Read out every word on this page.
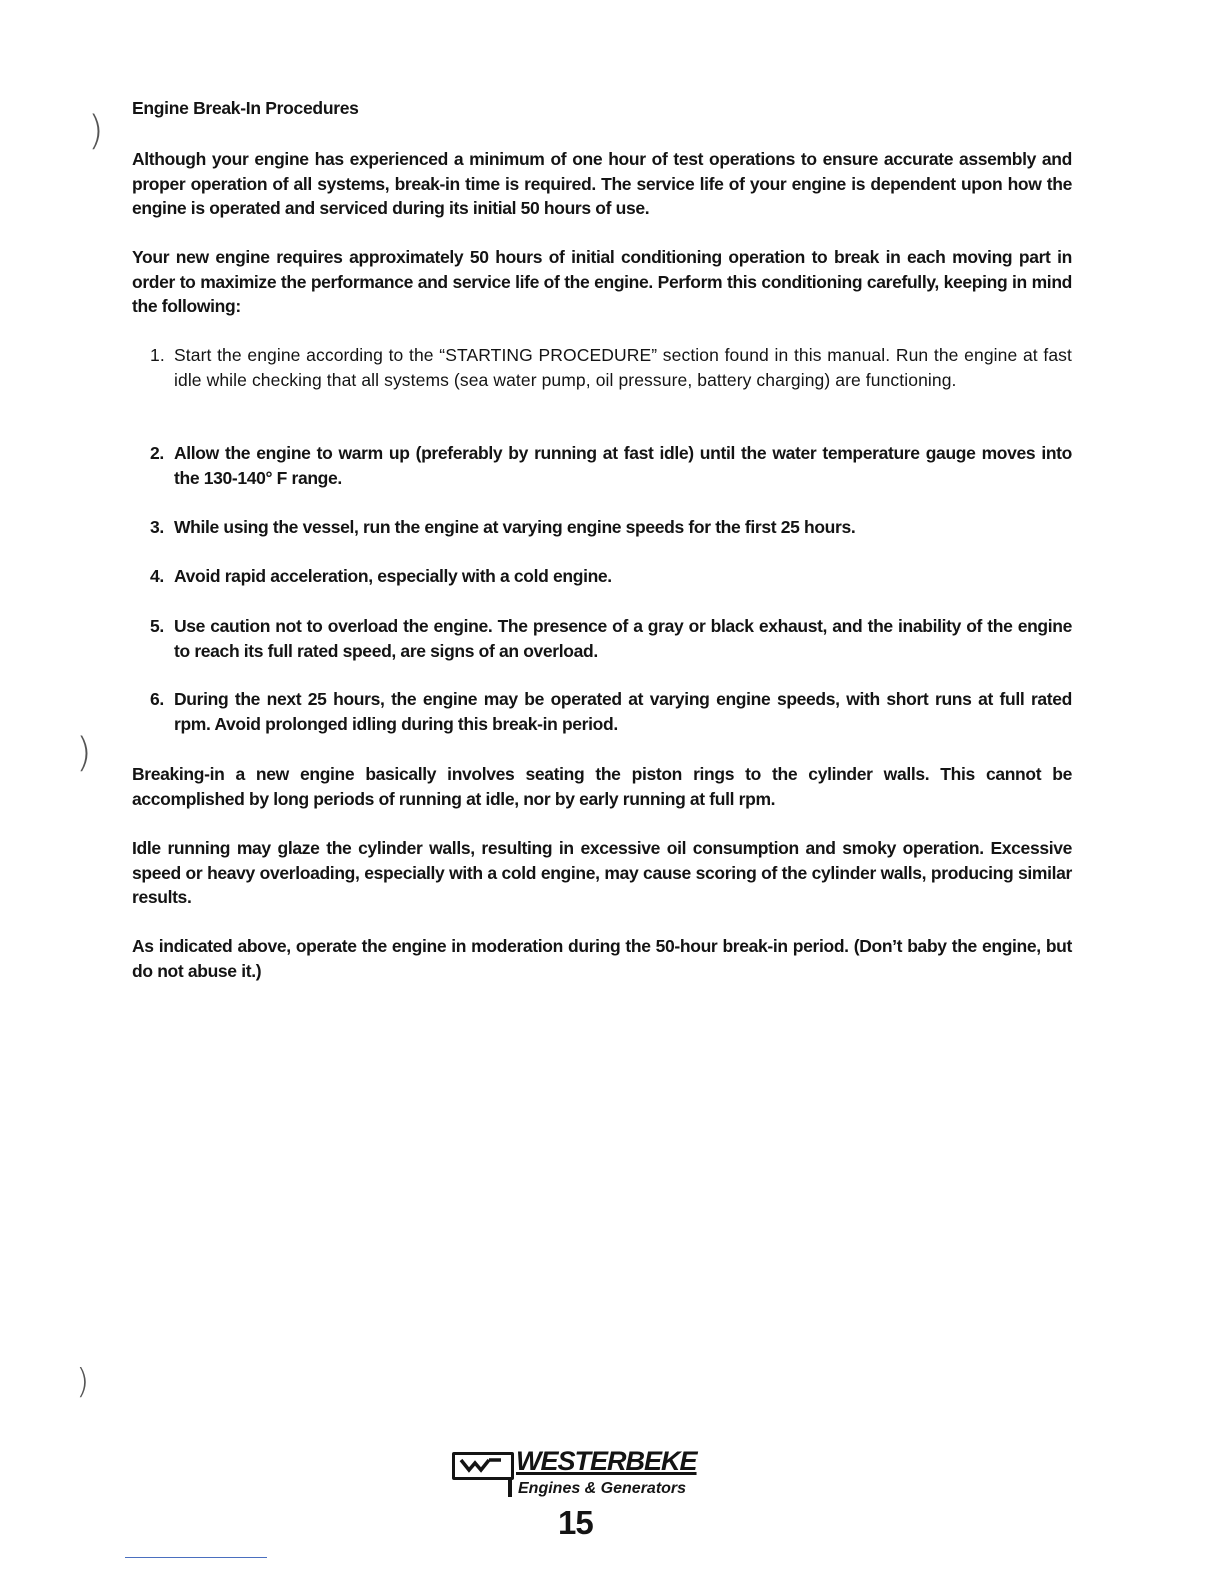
)
)
)
Engine Break-In Procedures
Although your engine has experienced a minimum of one hour of test operations to ensure accurate assembly and proper operation of all systems, break-in time is required. The service life of your engine is dependent upon how the engine is operated and serviced during its initial 50 hours of use.
Your new engine requires approximately 50 hours of initial conditioning operation to break in each moving part in order to maximize the performance and service life of the engine. Perform this conditioning carefully, keeping in mind the following:
1. Start the engine according to the “STARTING PROCEDURE” section found in this manual. Run the engine at fast idle while checking that all systems (sea water pump, oil pressure, battery charging) are functioning.
2. Allow the engine to warm up (preferably by running at fast idle) until the water temperature gauge moves into the 130-140° F range.
3. While using the vessel, run the engine at varying engine speeds for the first 25 hours.
4. Avoid rapid acceleration, especially with a cold engine.
5. Use caution not to overload the engine. The presence of a gray or black exhaust, and the inability of the engine to reach its full rated speed, are signs of an overload.
6. During the next 25 hours, the engine may be operated at varying engine speeds, with short runs at full rated rpm. Avoid prolonged idling during this break-in period.
Breaking-in a new engine basically involves seating the piston rings to the cylinder walls. This cannot be accomplished by long periods of running at idle, nor by early running at full rpm.
Idle running may glaze the cylinder walls, resulting in excessive oil consumption and smoky operation. Excessive speed or heavy overloading, especially with a cold engine, may cause scoring of the cylinder walls, producing similar results.
As indicated above, operate the engine in moderation during the 50-hour break-in period. (Don’t baby the engine, but do not abuse it.)
WESTERBEKE
Engines & Generators
15
